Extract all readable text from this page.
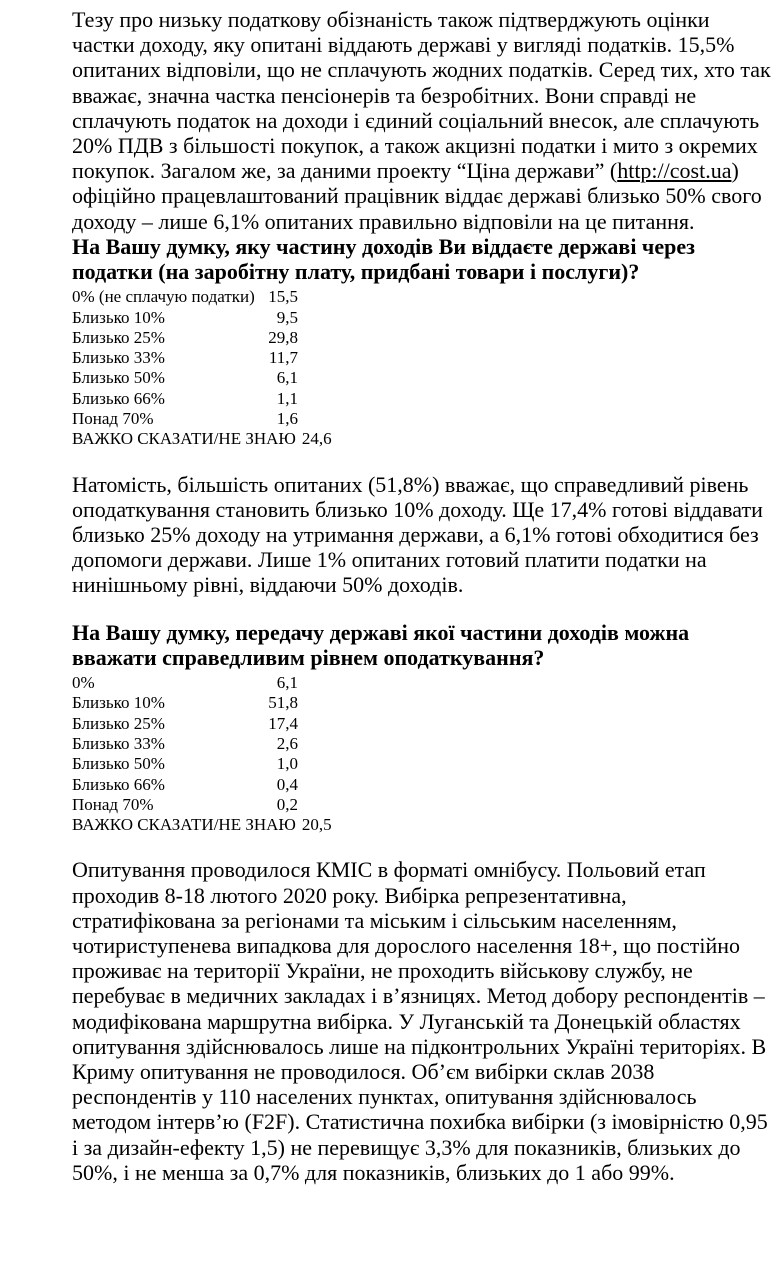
Тезу про низьку податкову обізнаність також підтверджують оцінки частки доходу, яку опитані віддають державі у вигляді податків. 15,5% опитаних відповіли, що не сплачують жодних податків. Серед тих, хто так вважає, значна частка пенсіонерів та безробітних. Вони справді не сплачують податок на доходи і єдиний соціальний внесок, але сплачують 20% ПДВ з більшості покупок, а також акцизні податки і мито з окремих покупок. Загалом же, за даними проекту “Ціна держави” (http://cost.ua) офіційно працевлаштований працівник віддає державі близько 50% свого доходу – лише 6,1% опитаних правильно відповіли на це питання.

На Вашу думку, яку частину доходів Ви віддаєте державі через податки (на заробітну плату, придбані товари і послуги)?

0% (не сплачую податки) 15,5
Близько 10%	9,5
Близько 25%	29,8
Близько 33%	11,7
Близько 50%	6,1
Близько 66%	1,1
Понад 70%	1,6
ВАЖКО СКАЗАТИ/НЕ ЗНАЮ 24,6

Натомість, більшість опитаних (51,8%) вважає, що справедливий рівень оподаткування становить близько 10% доходу. Ще 17,4% готові віддавати близько 25% доходу на утримання держави, а 6,1% готові обходитися без допомоги держави. Лише 1% опитаних готовий платити податки на нинішньому рівні, віддаючи 50% доходів.

На Вашу думку, передачу державі якої частини доходів можна вважати справедливим рівнем оподаткування?

0%	6,1
Близько 10%	51,8
Близько 25%	17,4
Близько 33%	2,6
Близько 50%	1,0
Близько 66%	0,4
Понад 70%	0,2
ВАЖКО СКАЗАТИ/НЕ ЗНАЮ 20,5

Опитування проводилося КМІС в форматі омнібусу. Польовий етап проходив 8-18 лютого 2020 року. Вибірка репрезентативна, стратифікована за регіонами та міським і сільським населенням, чотириступенева випадкова для дорослого населення 18+, що постійно проживає на території України, не проходить військову службу, не перебуває в медичних закладах і в’язницях. Метод добору респондентів – модифікована маршрутна вибірка. У Луганській та Донецькій областях опитування здійснювалось лише на підконтрольних Україні територіях. В Криму опитування не проводилося. Об’єм вибірки склав 2038 респондентів у 110 населених пунктах, опитування здійснювалось методом інтерв’ю (F2F). Статистична похибка вибірки (з імовірністю 0,95 і за дизайн-ефекту 1,5) не перевищує 3,3% для показників, близьких до 50%, і не менша за 0,7% для показників, близьких до 1 або 99%.
